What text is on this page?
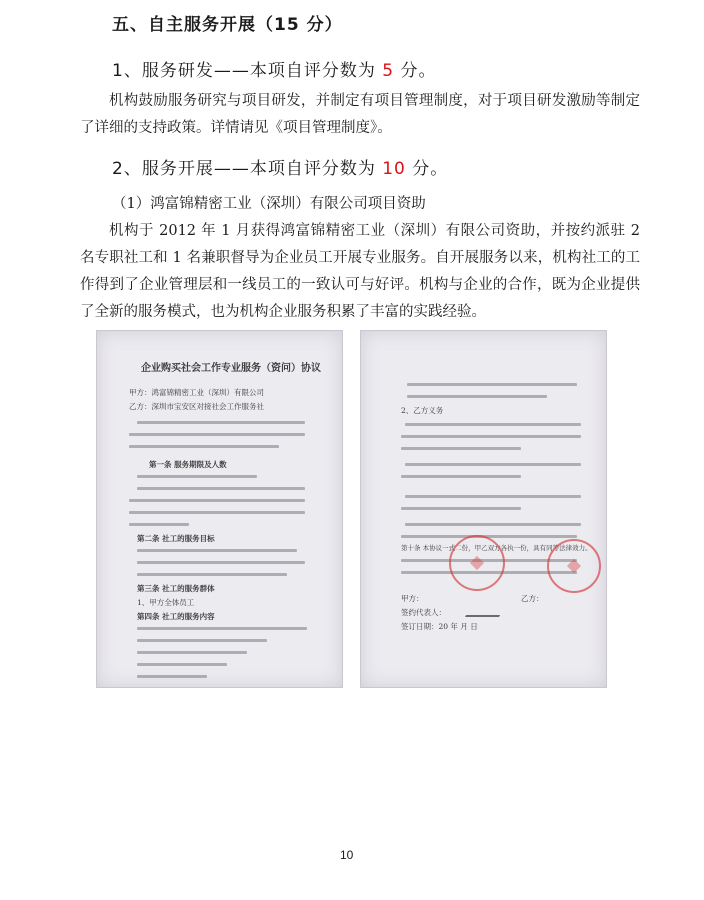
五、自主服务开展（15 分）
1、服务研发——本项自评分数为 5 分。

机构鼓励服务研究与项目研发，并制定有项目管理制度，对于项目研发激励等制定了详细的支持政策。详情请见《项目管理制度》。

2、服务开展——本项自评分数为 10 分。
（1）鸿富锦精密工业（深圳）有限公司项目资助

机构于 2012 年 1 月获得鸿富锦精密工业（深圳）有限公司资助，并按约派驻 2 名专职社工和 1 名兼职督导为企业员工开展专业服务。自开展服务以来，机构社工的工作得到了企业管理层和一线员工的一致认可与好评。机构与企业的合作，既为企业提供了全新的服务模式，也为机构企业服务积累了丰富的实践经验。

企业购买社会工作专业服务（资问）协议
甲方：鸿富锦精密工业（深圳）有限公司
乙方：深圳市宝安区对接社会工作服务社
第一条 服务期限及人数
第二条 社工的服务目标
第三条 社工的服务群体
1、甲方全体员工
第四条 社工的服务内容
2、乙方义务
第十条 本协议一式二份，甲乙双方各执一份，具有同等法律效力。
甲方：	乙方：
签约代表人：
签订日期：20 年 月 日
10
